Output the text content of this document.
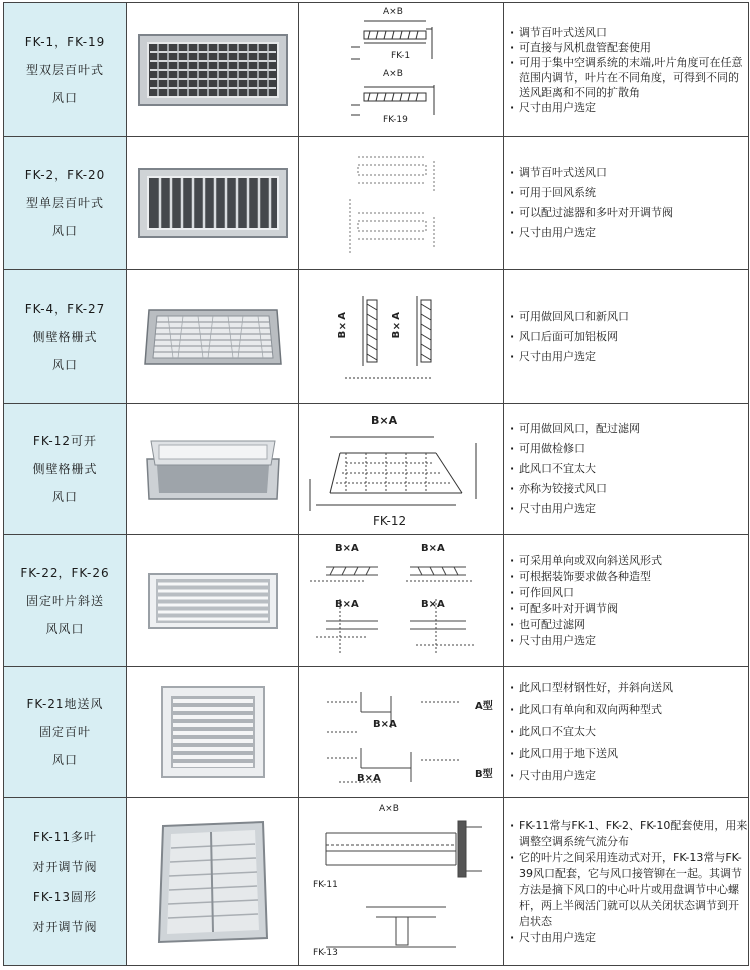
FK-1，FK-19
型双层百叶式
风口
A×B
FK-1
A×B
FK-19
· 调节百叶式送风口
· 可直接与风机盘管配套使用
· 可用于集中空调系统的末端,叶片角度可在任意范围内调节，叶片在不同角度，可得到不同的送风距离和不同的扩散角
· 尺寸由用户选定
FK-2，FK-20
型单层百叶式
风口
· 调节百叶式送风口
· 可用于回风系统
· 可以配过滤器和多叶对开调节阀
· 尺寸由用户选定
FK-4，FK-27
侧壁格栅式
风口
B×A	B×A
·	可用做回风口和新风口
· 风口后面可加铝板网
· 尺寸由用户选定
FK-12可开
侧壁格栅式
风口
B×A
FK-12
· 可用做回风口，配过滤网
· 可用做检修口
· 此风口不宜太大
· 亦称为铰接式风口
· 尺寸由用户选定
FK-22，FK-26
固定叶片斜送
风风口
B×A	B×A
B×A	B×A
· 可采用单向或双向斜送风形式
· 可根据装饰要求做各种造型
· 可作回风口
· 可配多叶对开调节阀
· 也可配过滤网
· 尺寸由用户选定
FK-21地送风
固定百叶
风口
B×A
B×A
A型
B型
· 此风口型材钢性好，并斜向送风
· 此风口有单向和双向两种型式
· 此风口不宜太大
· 此风口用于地下送风
· 尺寸由用户选定
FK-11多叶
对开调节阀
FK-13圆形
对开调节阀
A×B
FK-11
FK-13
· FK-11常与FK-1、FK-2、FK-10配套使用，用来调整空调系统气流分布
· 它的叶片之间采用连动式对开，FK-13常与FK-39风口配套，它与风口接管铆在一起。其调节方法是摘下风口的中心叶片或用盘调节中心螺杆，两上半阀活门就可以从关闭状态调节到开启状态
· 尺寸由用户选定
